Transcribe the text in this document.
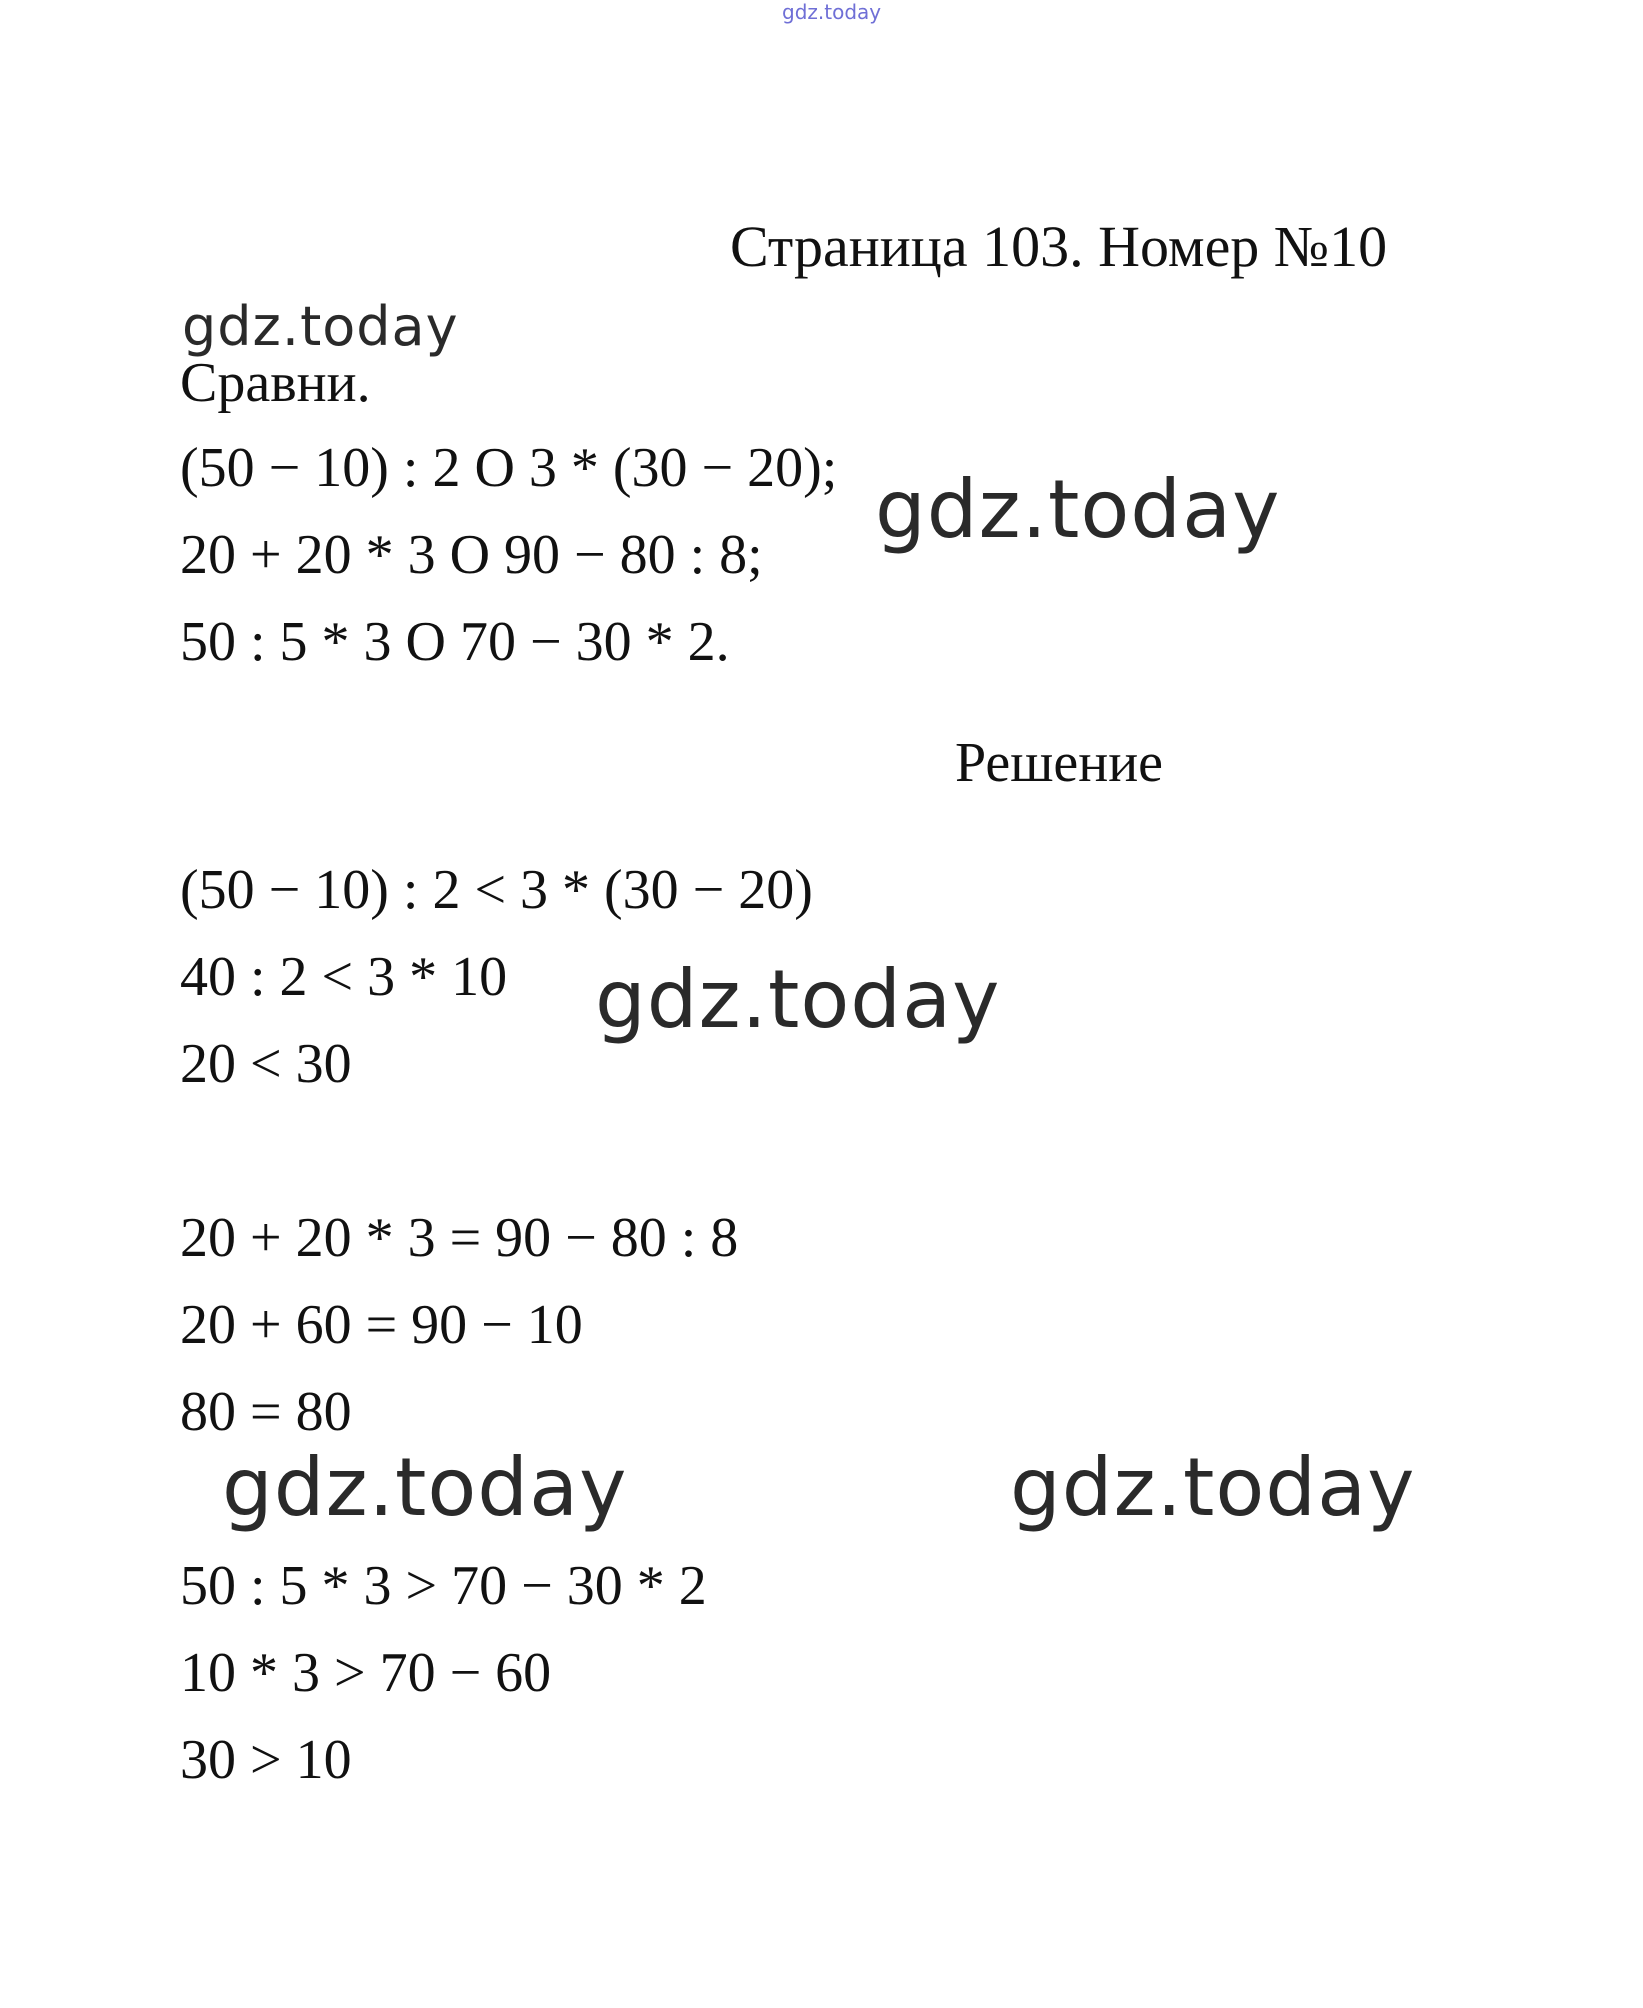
gdz.today
Страница 103. Номер №10
gdz.today
Сравни.
(50 − 10) : 2 O 3 * (30 − 20);
20 + 20 * 3 O 90 − 80 : 8;
50 : 5 * 3 O 70 − 30 * 2.
gdz.today
Решение
(50 − 10) : 2 < 3 * (30 − 20)
40 : 2 < 3 * 10
20 < 30
gdz.today
20 + 20 * 3 = 90 − 80 : 8
20 + 60 = 90 − 10
80 = 80
gdz.today	gdz.today
50 : 5 * 3 > 70 − 30 * 2
10 * 3 > 70 − 60
30 > 10
